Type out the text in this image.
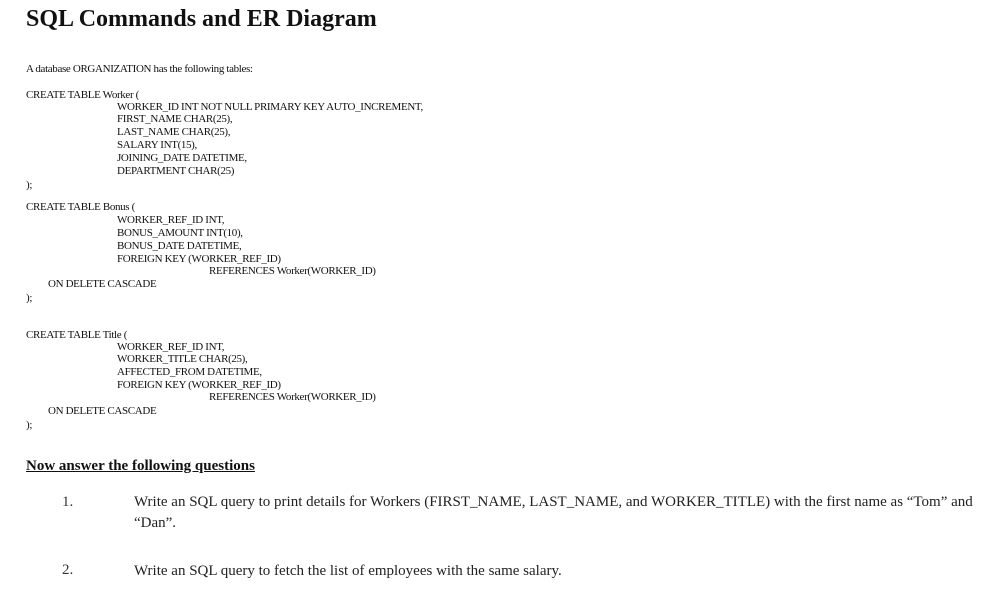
SQL Commands and ER Diagram
A database ORGANIZATION has the following tables:
CREATE TABLE Worker (
WORKER_ID INT NOT NULL PRIMARY KEY AUTO_INCREMENT,
FIRST_NAME CHAR(25),
LAST_NAME CHAR(25),
SALARY INT(15),
JOINING_DATE DATETIME,
DEPARTMENT CHAR(25)
);
CREATE TABLE Bonus (
WORKER_REF_ID INT,
BONUS_AMOUNT INT(10),
BONUS_DATE DATETIME,
FOREIGN KEY (WORKER_REF_ID)
REFERENCES Worker(WORKER_ID)
ON DELETE CASCADE
);
CREATE TABLE Title (
WORKER_REF_ID INT,
WORKER_TITLE CHAR(25),
AFFECTED_FROM DATETIME,
FOREIGN KEY (WORKER_REF_ID)
REFERENCES Worker(WORKER_ID)
ON DELETE CASCADE
);
Now answer the following questions
1.	Write an SQL query to print details for Workers (FIRST_NAME, LAST_NAME, and WORKER_TITLE) with the first name as “Tom” and “Dan”.
2.	Write an SQL query to fetch the list of employees with the same salary.
